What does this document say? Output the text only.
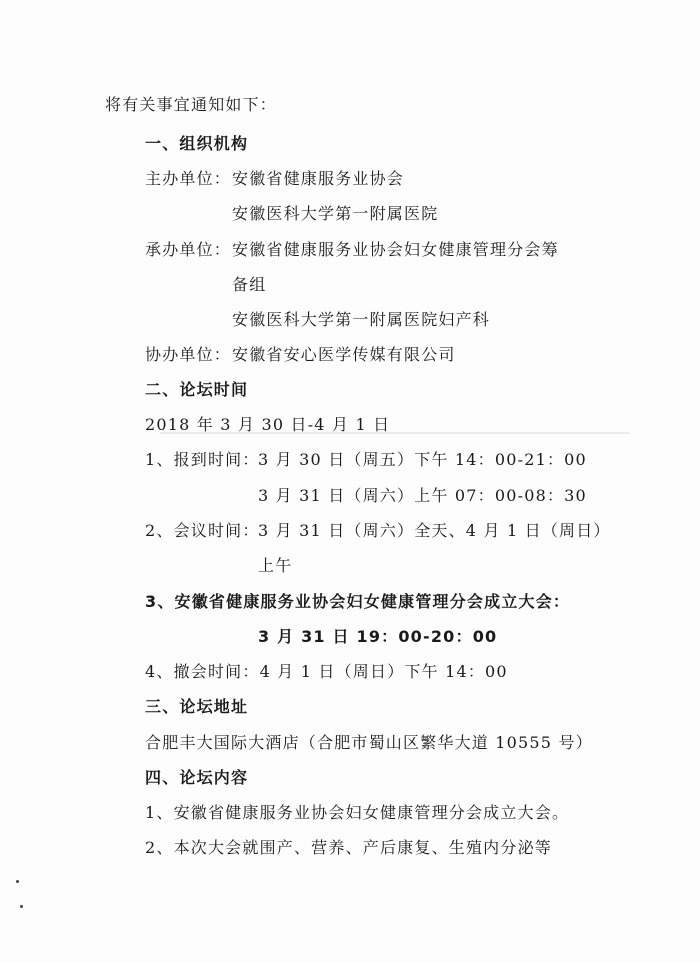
将有关事宜通知如下：
一、组织机构
主办单位： 安徽省健康服务业协会
安徽医科大学第一附属医院
承办单位： 安徽省健康服务业协会妇女健康管理分会筹
备组
安徽医科大学第一附属医院妇产科
协办单位： 安徽省安心医学传媒有限公司
二、论坛时间
2018 年 3 月 30 日-4 月 1 日
1、报到时间：
3 月 30 日（周五）下午 14：00-21：00
3 月 31 日（周六）上午 07：00-08：30
2、会议时间：
3 月 31 日（周六）全天、4 月 1 日（周日）
上午
3、安徽省健康服务业协会妇女健康管理分会成立大会：
3 月 31 日 19：00-20：00
4、撤会时间：4 月 1 日（周日）下午 14：00
三、论坛地址
合肥丰大国际大酒店（合肥市蜀山区繁华大道 10555 号）
四、论坛内容
1、安徽省健康服务业协会妇女健康管理分会成立大会。
2、本次大会就围产、营养、产后康复、生殖内分泌等
